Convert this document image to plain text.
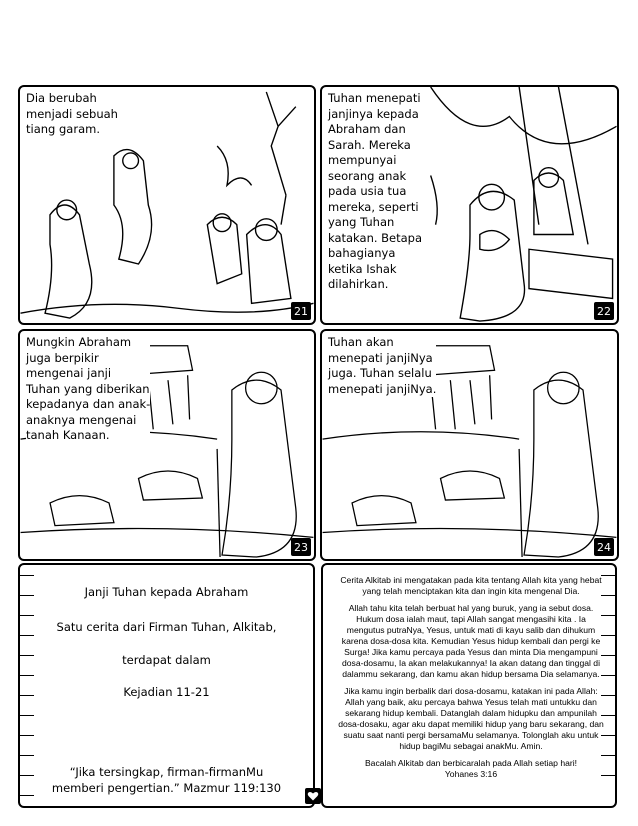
Dia berubah
menjadi sebuah
tiang garam.
21
Tuhan menepati
janjinya kepada
Abraham dan
Sarah. Mereka
mempunyai
seorang anak
pada usia tua
mereka, seperti
yang Tuhan
katakan. Betapa
bahagianya
ketika Ishak
dilahirkan.
22
Mungkin Abraham
juga berpikir
mengenai janji
Tuhan yang diberikan
kepadanya dan anak-
anaknya mengenai
tanah Kanaan.
23
Tuhan akan
menepati janjiNya
juga. Tuhan selalu
menepati janjiNya.
24
Janji Tuhan kepada Abraham
Satu cerita dari Firman Tuhan, Alkitab,
terdapat dalam
Kejadian 11-21
“Jika tersingkap, firman-firmanMu
memberi pengertian.” Mazmur 119:130

Cerita Alkitab ini mengatakan pada kita tentang Allah kita yang hebat yang telah menciptakan kita dan ingin kita mengenal Dia.

Allah tahu kita telah berbuat hal yang buruk, yang ia sebut dosa. Hukum dosa ialah maut, tapi Allah sangat mengasihi kita . Ia mengutus putraNya, Yesus, untuk mati di kayu salib dan dihukum karena dosa-dosa kita. Kemudian Yesus hidup kembali dan pergi ke Surga! Jika kamu percaya pada Yesus dan minta Dia mengampuni dosa-dosamu, Ia akan melakukannya! Ia akan datang dan tinggal di dalammu sekarang, dan kamu akan hidup bersama Dia selamanya.

Jika kamu ingin berbalik dari dosa-dosamu, katakan ini pada Allah: Allah yang baik, aku percaya bahwa Yesus telah mati untukku dan sekarang hidup kembali. Datanglah dalam hidupku dan ampunilah dosa-dosaku, agar aku dapat memiliki hidup yang baru sekarang, dan suatu saat nanti pergi bersamaMu selamanya. Tolonglah aku untuk hidup bagiMu sebagai anakMu. Amin.

Bacalah Alkitab dan berbicaralah pada Allah setiap hari!

Yohanes 3:16
